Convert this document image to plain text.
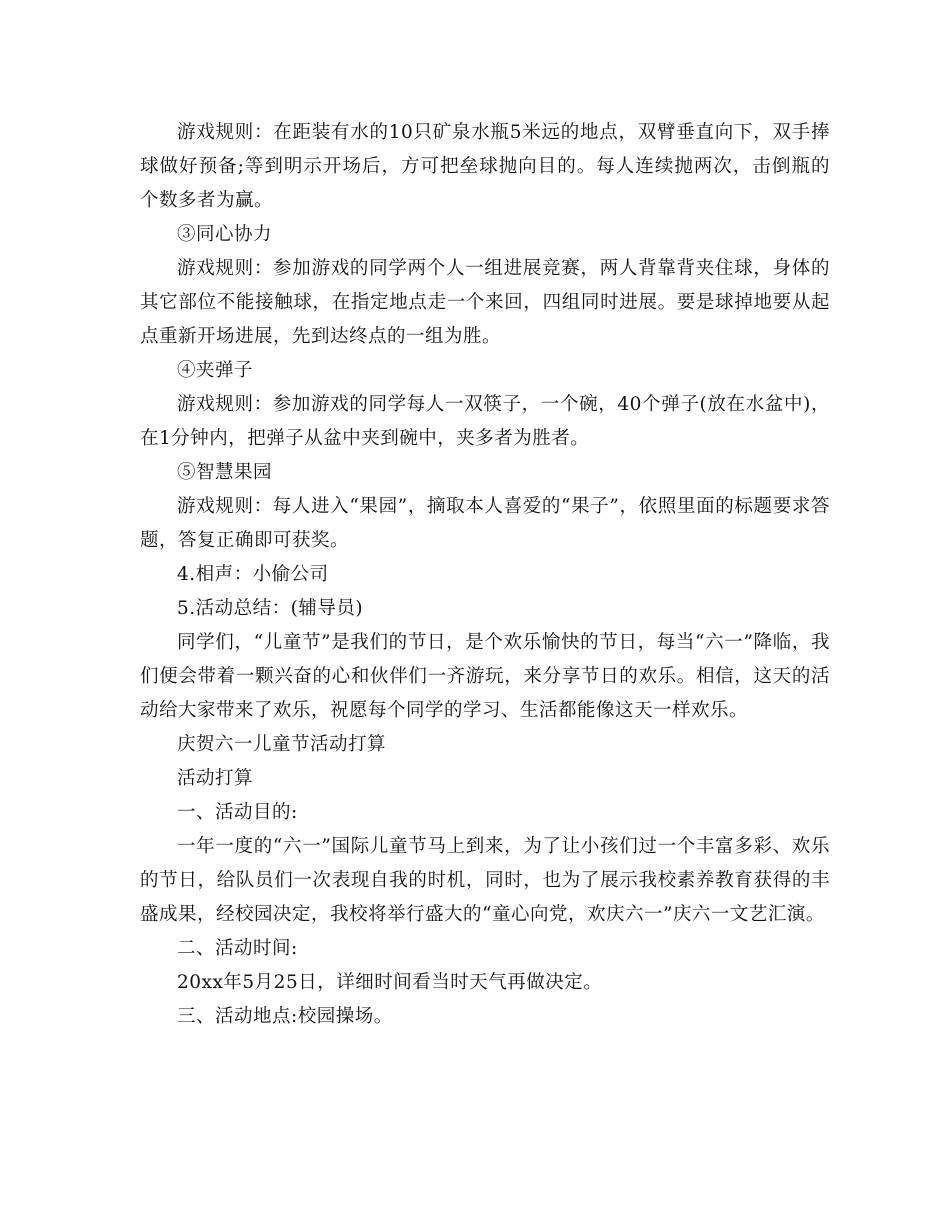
游戏规则：在距装有水的10只矿泉水瓶5米远的地点，双臂垂直向下，双手捧球做好预备;等到明示开场后，方可把垒球抛向目的。每人连续抛两次，击倒瓶的个数多者为赢。

③同心协力

游戏规则：参加游戏的同学两个人一组进展竞赛，两人背靠背夹住球，身体的其它部位不能接触球，在指定地点走一个来回，四组同时进展。要是球掉地要从起点重新开场进展，先到达终点的一组为胜。

④夹弹子

游戏规则：参加游戏的同学每人一双筷子，一个碗，40个弹子(放在水盆中)，在1分钟内，把弹子从盆中夹到碗中，夹多者为胜者。

⑤智慧果园

游戏规则：每人进入“果园”，摘取本人喜爱的“果子”，依照里面的标题要求答题，答复正确即可获奖。

4.相声：小偷公司

5.活动总结：(辅导员)

同学们，“儿童节”是我们的节日，是个欢乐愉快的节日，每当“六一”降临，我们便会带着一颗兴奋的心和伙伴们一齐游玩，来分享节日的欢乐。相信，这天的活动给大家带来了欢乐，祝愿每个同学的学习、生活都能像这天一样欢乐。

庆贺六一儿童节活动打算

活动打算

一、活动目的:

一年一度的“六一”国际儿童节马上到来，为了让小孩们过一个丰富多彩、欢乐的节日，给队员们一次表现自我的时机，同时，也为了展示我校素养教育获得的丰盛成果，经校园决定，我校将举行盛大的“童心向党，欢庆六一”庆六一文艺汇演。

二、活动时间:

20xx年5月25日，详细时间看当时天气再做决定。

三、活动地点:校园操场。
